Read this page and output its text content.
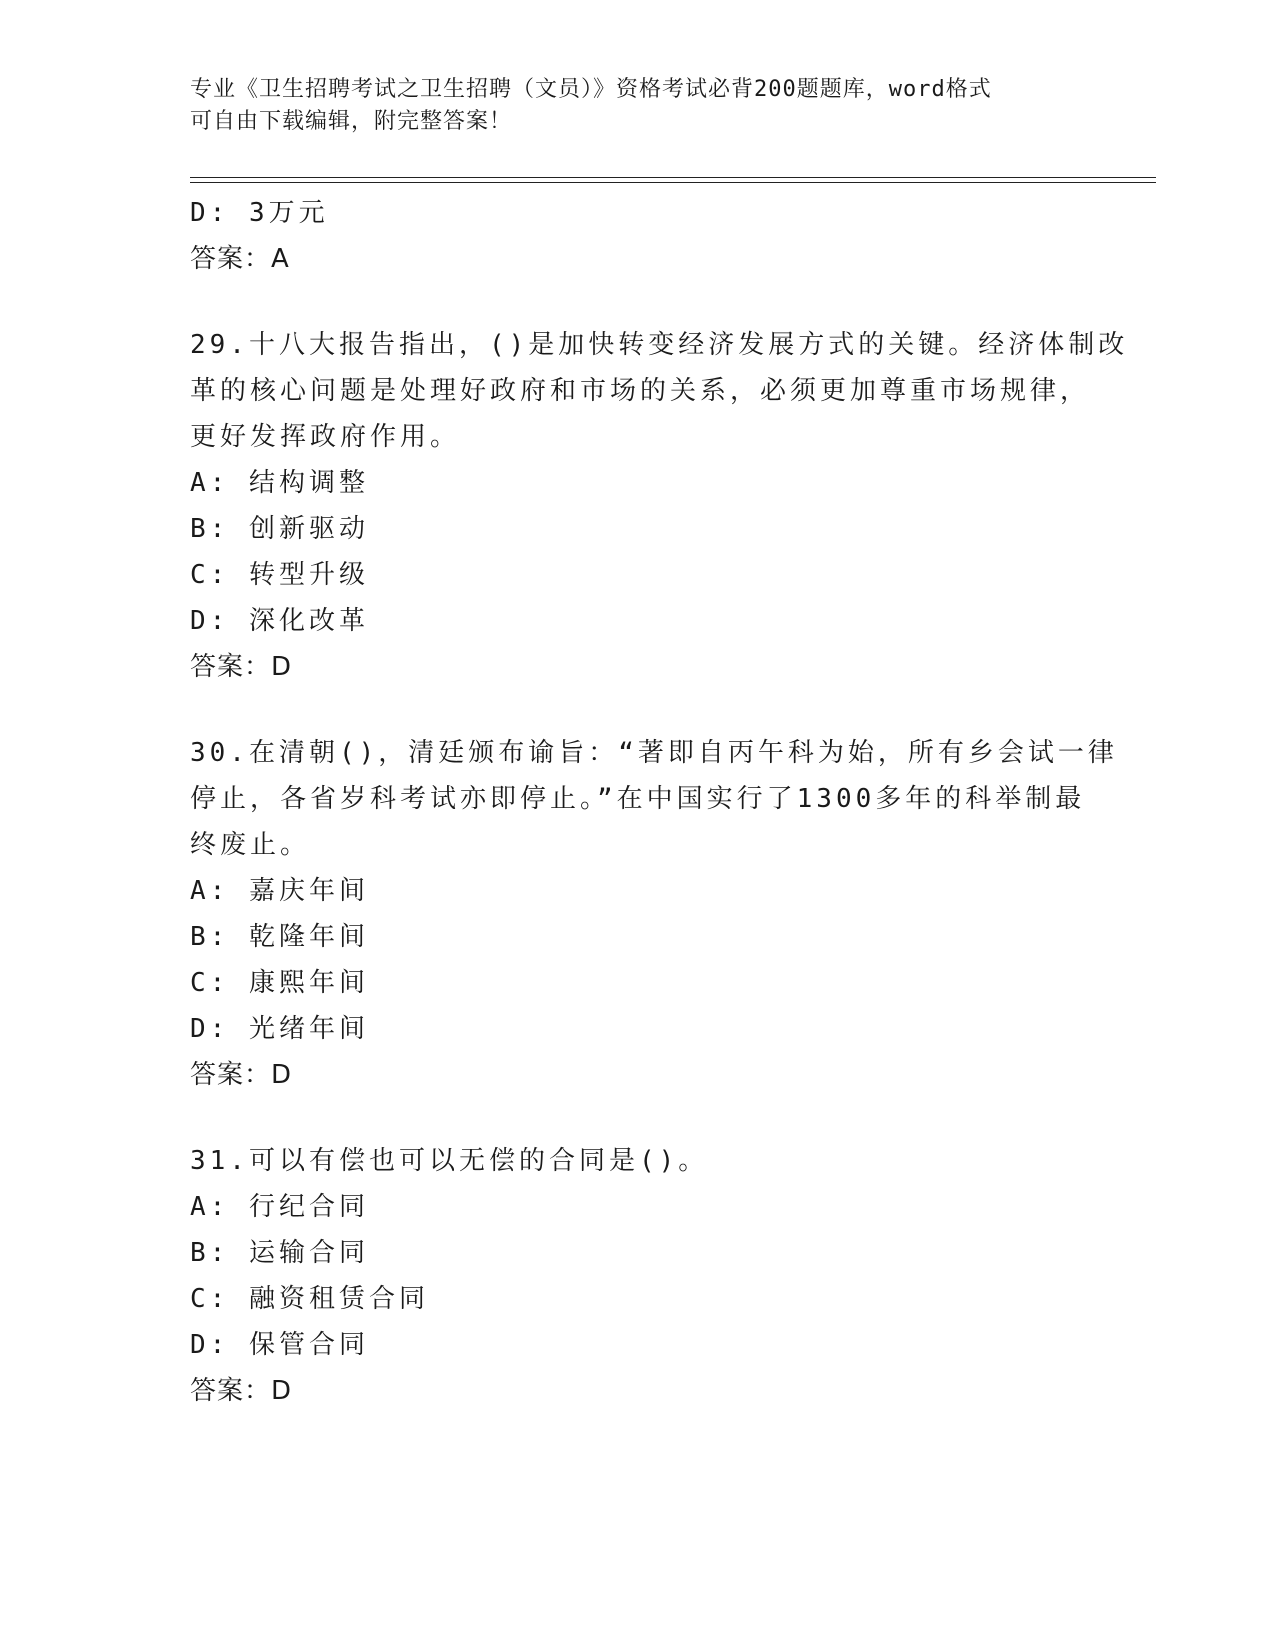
专业《卫生招聘考试之卫生招聘（文员）》资格考试必背200题题库，word格式
可自由下载编辑，附完整答案！
D: 3万元
答案：A
29.十八大报告指出，()是加快转变经济发展方式的关键。经济体制改
革的核心问题是处理好政府和市场的关系，必须更加尊重市场规律，
更好发挥政府作用。
A: 结构调整
B: 创新驱动
C: 转型升级
D: 深化改革
答案：D
30.在清朝()，清廷颁布谕旨：“著即自丙午科为始，所有乡会试一律
停止，各省岁科考试亦即停止。”在中国实行了1300多年的科举制最
终废止。
A: 嘉庆年间
B: 乾隆年间
C: 康熙年间
D: 光绪年间
答案：D
31.可以有偿也可以无偿的合同是()。
A: 行纪合同
B: 运输合同
C: 融资租赁合同
D: 保管合同
答案：D
